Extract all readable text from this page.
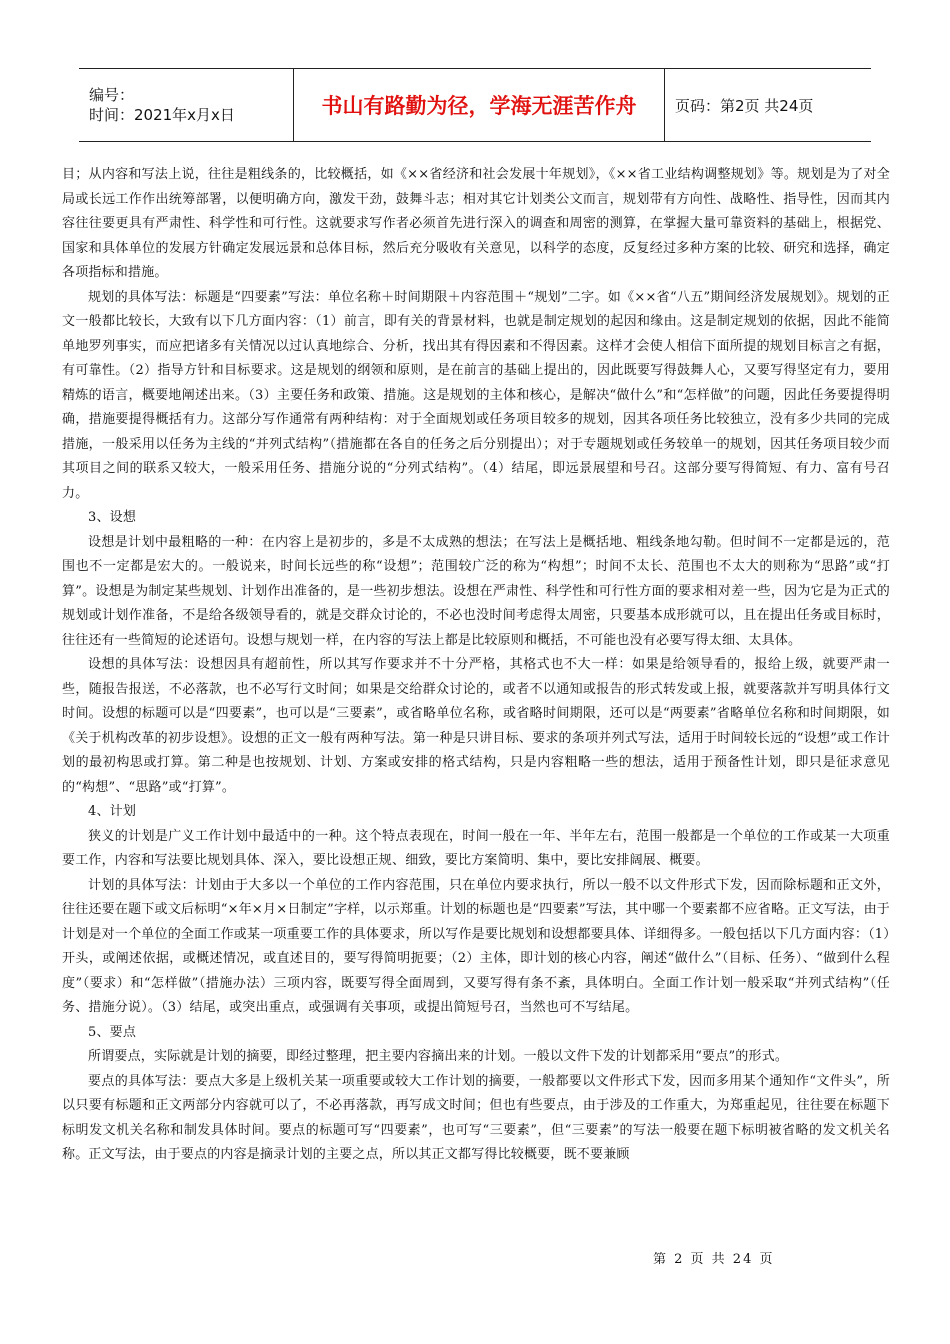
编号：
时间：2021年x月x日	书山有路勤为径，学海无涯苦作舟	页码：第2页 共24页

目；从内容和写法上说，往往是粗线条的，比较概括，如《××省经济和社会发展十年规划》，《××省工业结构调整规划》等。规划是为了对全局或长远工作作出统筹部署，以便明确方向，激发干劲，鼓舞斗志；相对其它计划类公文而言，规划带有方向性、战略性、指导性，因而其内容往往要更具有严肃性、科学性和可行性。这就要求写作者必须首先进行深入的调查和周密的测算，在掌握大量可靠资料的基础上，根据党、国家和具体单位的发展方针确定发展远景和总体目标，然后充分吸收有关意见，以科学的态度，反复经过多种方案的比较、研究和选择，确定各项指标和措施。

规划的具体写法：标题是“四要素”写法：单位名称＋时间期限＋内容范围＋“规划”二字。如《××省“八五”期间经济发展规划》。规划的正文一般都比较长，大致有以下几方面内容：（1）前言，即有关的背景材料，也就是制定规划的起因和缘由。这是制定规划的依据，因此不能简单地罗列事实，而应把诸多有关情况以过认真地综合、分析，找出其有得因素和不得因素。这样才会使人相信下面所提的规划目标言之有据，有可靠性。（2）指导方针和目标要求。这是规划的纲领和原则，是在前言的基础上提出的，因此既要写得鼓舞人心，又要写得坚定有力，要用精炼的语言，概要地阐述出来。（3）主要任务和政策、措施。这是规划的主体和核心，是解决“做什么”和“怎样做”的问题，因此任务要提得明确，措施要提得概括有力。这部分写作通常有两种结构：对于全面规划或任务项目较多的规划，因其各项任务比较独立，没有多少共同的完成措施，一般采用以任务为主线的“并列式结构”（措施都在各自的任务之后分别提出）；对于专题规划或任务较单一的规划，因其任务项目较少而其项目之间的联系又较大，一般采用任务、措施分说的“分列式结构”。（4）结尾，即远景展望和号召。这部分要写得简短、有力、富有号召力。

3、设想

设想是计划中最粗略的一种：在内容上是初步的，多是不太成熟的想法；在写法上是概括地、粗线条地勾勒。但时间不一定都是远的，范围也不一定都是宏大的。一般说来，时间长远些的称“设想”；范围较广泛的称为“构想”；时间不太长、范围也不太大的则称为“思路”或“打算”。设想是为制定某些规划、计划作出准备的，是一些初步想法。设想在严肃性、科学性和可行性方面的要求相对差一些，因为它是为正式的规划或计划作准备，不是给各级领导看的，就是交群众讨论的，不必也没时间考虑得太周密，只要基本成形就可以，且在提出任务或目标时，往往还有一些简短的论述语句。设想与规划一样，在内容的写法上都是比较原则和概括，不可能也没有必要写得太细、太具体。

设想的具体写法：设想因具有超前性，所以其写作要求并不十分严格，其格式也不大一样：如果是给领导看的，报给上级，就要严肃一些，随报告报送，不必落款，也不必写行文时间；如果是交给群众讨论的，或者不以通知或报告的形式转发或上报，就要落款并写明具体行文时间。设想的标题可以是“四要素”，也可以是“三要素”，或省略单位名称，或省略时间期限，还可以是“两要素”省略单位名称和时间期限，如《关于机构改革的初步设想》。设想的正文一般有两种写法。第一种是只讲目标、要求的条项并列式写法，适用于时间较长远的“设想”或工作计划的最初构思或打算。第二种是也按规划、计划、方案或安排的格式结构，只是内容粗略一些的想法，适用于预备性计划，即只是征求意见的“构想”、“思路”或“打算”。

4、计划

狭义的计划是广义工作计划中最适中的一种。这个特点表现在，时间一般在一年、半年左右，范围一般都是一个单位的工作或某一大项重要工作，内容和写法要比规划具体、深入，要比设想正规、细致，要比方案简明、集中，要比安排阔展、概要。

计划的具体写法：计划由于大多以一个单位的工作内容范围，只在单位内要求执行，所以一般不以文件形式下发，因而除标题和正文外，往往还要在题下或文后标明“×年×月×日制定”字样，以示郑重。计划的标题也是“四要素”写法，其中哪一个要素都不应省略。正文写法，由于计划是对一个单位的全面工作或某一项重要工作的具体要求，所以写作是要比规划和设想都要具体、详细得多。一般包括以下几方面内容：（1）开头，或阐述依据，或概述情况，或直述目的，要写得简明扼要；（2）主体，即计划的核心内容，阐述“做什么”（目标、任务）、“做到什么程度”（要求）和“怎样做”（措施办法）三项内容，既要写得全面周到，又要写得有条不紊，具体明白。全面工作计划一般采取“并列式结构”（任务、措施分说）。（3）结尾，或突出重点，或强调有关事项，或提出简短号召，当然也可不写结尾。

5、要点

所谓要点，实际就是计划的摘要，即经过整理，把主要内容摘出来的计划。一般以文件下发的计划都采用“要点”的形式。

要点的具体写法：要点大多是上级机关某一项重要或较大工作计划的摘要，一般都要以文件形式下发，因而多用某个通知作“文件头”，所以只要有标题和正文两部分内容就可以了，不必再落款，再写成文时间；但也有些要点，由于涉及的工作重大，为郑重起见，往往要在标题下标明发文机关名称和制发具体时间。要点的标题可写“四要素”，也可写“三要素”，但“三要素”的写法一般要在题下标明被省略的发文机关名称。正文写法，由于要点的内容是摘录计划的主要之点，所以其正文都写得比较概要，既不要兼顾

第 2 页 共 24 页
